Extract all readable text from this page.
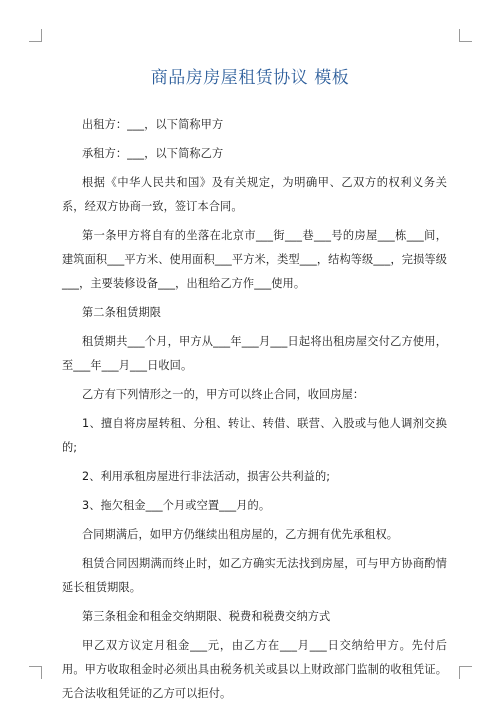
商品房房屋租赁协议 模板

出租方：___，以下简称甲方

承租方：___，以下简称乙方

根据《中华人民共和国》及有关规定，为明确甲、乙双方的权利义务关系，经双方协商一致，签订本合同。

第一条甲方将自有的坐落在北京市___街___巷___号的房屋___栋___间，建筑面积___平方米、使用面积___平方米，类型___，结构等级___，完损等级___，主要装修设备___，出租给乙方作___使用。

第二条租赁期限

租赁期共___个月，甲方从___年___月___日起将出租房屋交付乙方使用，至___年___月___日收回。

乙方有下列情形之一的，甲方可以终止合同，收回房屋：

1、擅自将房屋转租、分租、转让、转借、联营、入股或与他人调剂交换的;

2、利用承租房屋进行非法活动，损害公共利益的;

3、拖欠租金___个月或空置___月的。

合同期满后，如甲方仍继续出租房屋的，乙方拥有优先承租权。

租赁合同因期满而终止时，如乙方确实无法找到房屋，可与甲方协商酌情延长租赁期限。

第三条租金和租金交纳期限、税费和税费交纳方式

甲乙双方议定月租金___元，由乙方在___月___日交纳给甲方。先付后用。甲方收取租金时必须出具由税务机关或县以上财政部门监制的收租凭证。无合法收租凭证的乙方可以拒付。
